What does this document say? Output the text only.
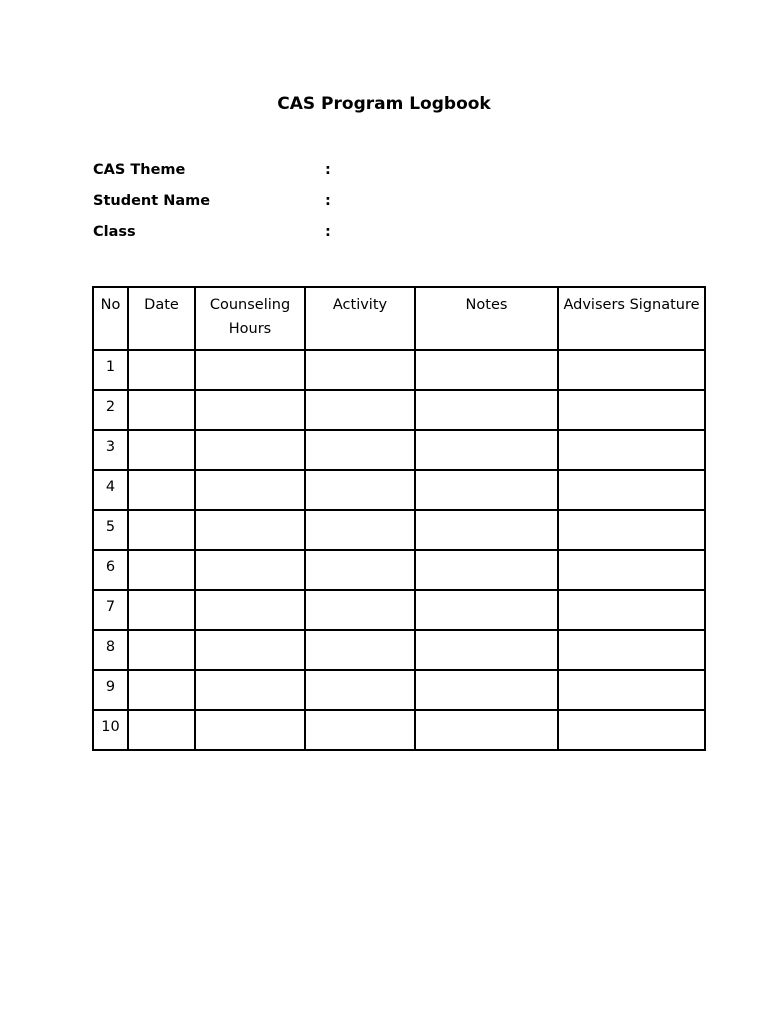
CAS Program Logbook
CAS Theme	:
Student Name	:
Class	:
No	Date	Counseling Hours	Activity	Notes	Advisers Signature
1					
2					
3					
4					
5					
6					
7					
8					
9					
10					
